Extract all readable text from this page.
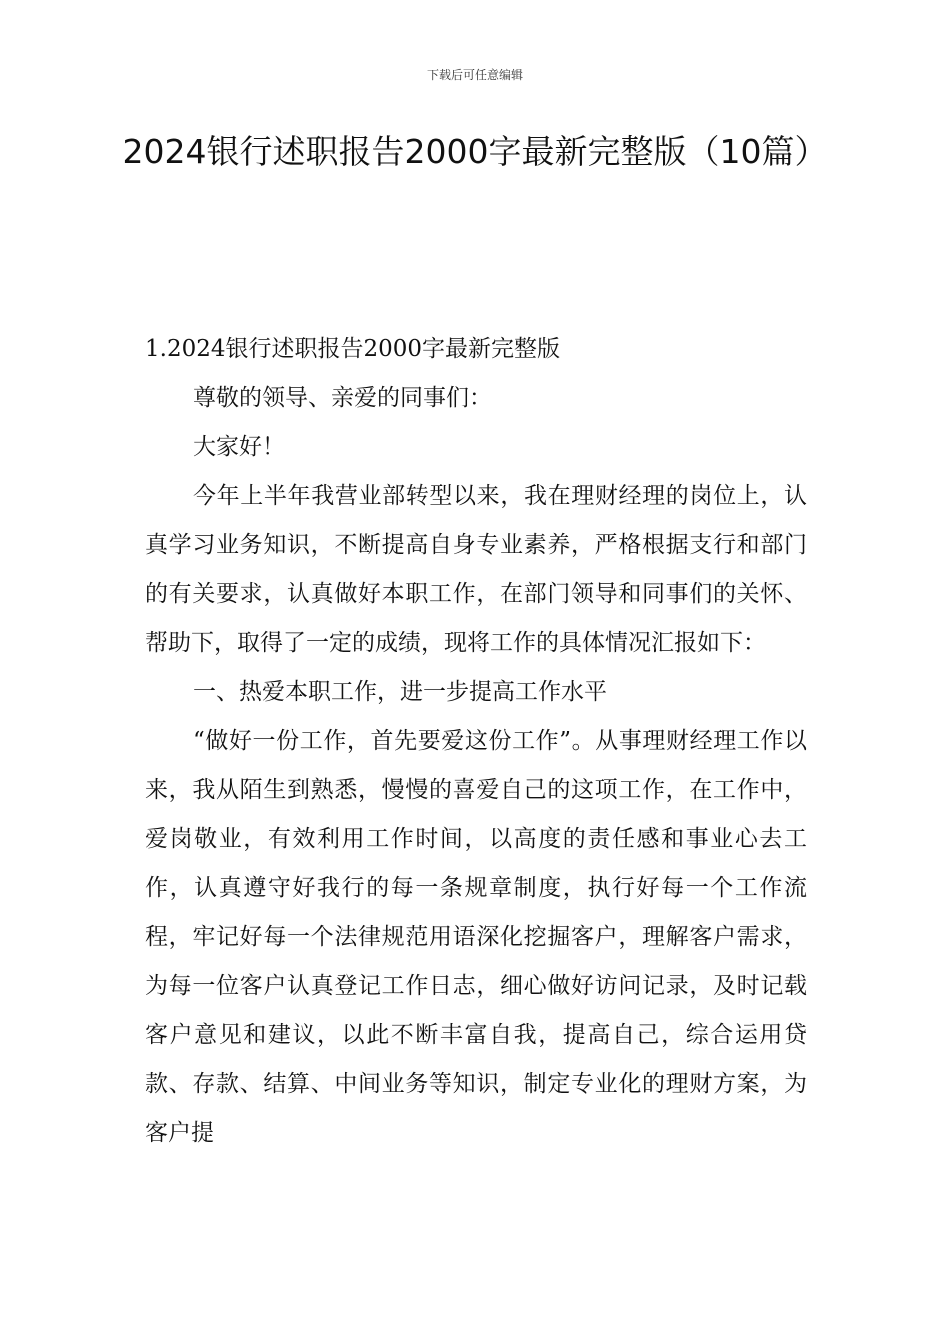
下载后可任意编辑
2024银行述职报告2000字最新完整版（10篇）

1.2024银行述职报告2000字最新完整版

尊敬的领导、亲爱的同事们：

大家好！

今年上半年我营业部转型以来，我在理财经理的岗位上，认真学习业务知识，不断提高自身专业素养，严格根据支行和部门的有关要求，认真做好本职工作，在部门领导和同事们的关怀、帮助下，取得了一定的成绩，现将工作的具体情况汇报如下：

一、热爱本职工作，进一步提高工作水平

“做好一份工作，首先要爱这份工作”。从事理财经理工作以来，我从陌生到熟悉，慢慢的喜爱自己的这项工作，在工作中，爱岗敬业，有效利用工作时间，以高度的责任感和事业心去工作，认真遵守好我行的每一条规章制度，执行好每一个工作流程，牢记好每一个法律规范用语深化挖掘客户，理解客户需求，为每一位客户认真登记工作日志，细心做好访问记录，及时记载客户意见和建议，以此不断丰富自我，提高自己，综合运用贷款、存款、结算、中间业务等知识，制定专业化的理财方案，为客户提
